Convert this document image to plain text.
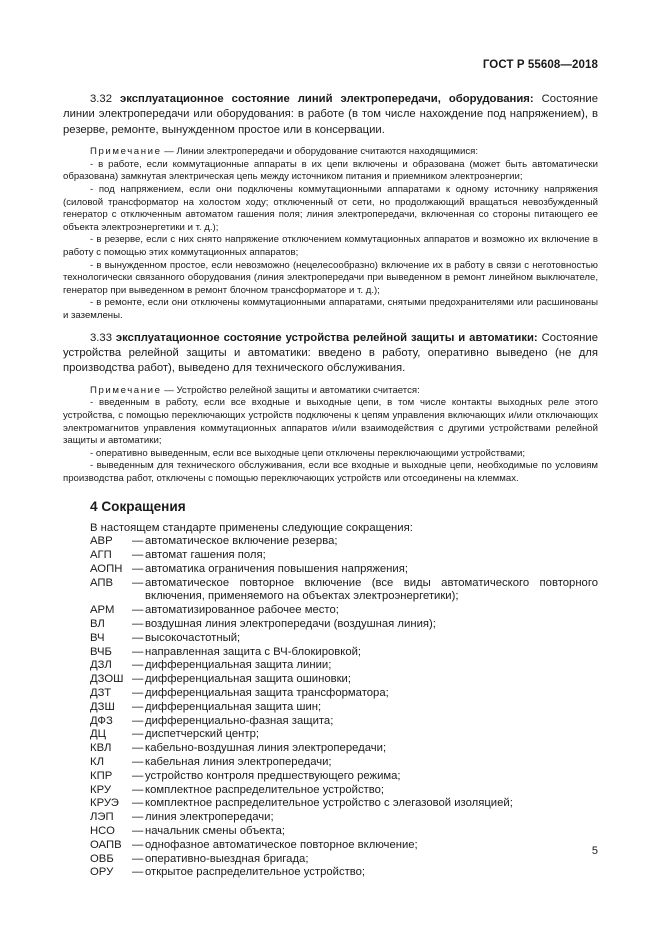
ГОСТ Р 55608—2018

3.32 эксплуатационное состояние линий электропередачи, оборудования: Состояние линии электропередачи или оборудования: в работе (в том числе нахождение под напряжением), в резерве, ремонте, вынужденном простое или в консервации.

Примечание — Линии электропередачи и оборудование считаются находящимися:

- в работе, если коммутационные аппараты в их цепи включены и образована (может быть автоматически образована) замкнутая электрическая цепь между источником питания и приемником электроэнергии;

- под напряжением, если они подключены коммутационными аппаратами к одному источнику напряжения (силовой трансформатор на холостом ходу; отключенный от сети, но продолжающий вращаться невозбужденный генератор с отключенным автоматом гашения поля; линия электропередачи, включенная со стороны питающего ее объекта электроэнергетики и т. д.);

- в резерве, если с них снято напряжение отключением коммутационных аппаратов и возможно их включение в работу с помощью этих коммутационных аппаратов;

- в вынужденном простое, если невозможно (нецелесообразно) включение их в работу в связи с неготовностью технологически связанного оборудования (линия электропередачи при выведенном в ремонт линейном выключателе, генератор при выведенном в ремонт блочном трансформаторе и т. д.);

- в ремонте, если они отключены коммутационными аппаратами, снятыми предохранителями или расшинованы и заземлены.

3.33 эксплуатационное состояние устройства релейной защиты и автоматики: Состояние устройства релейной защиты и автоматики: введено в работу, оперативно выведено (не для производства работ), выведено для технического обслуживания.

Примечание — Устройство релейной защиты и автоматики считается:

- введенным в работу, если все входные и выходные цепи, в том числе контакты выходных реле этого устройства, с помощью переключающих устройств подключены к цепям управления включающих и/или отключающих электромагнитов управления коммутационных аппаратов и/или взаимодействия с другими устройствами релейной защиты и автоматики;

- оперативно выведенным, если все выходные цепи отключены переключающими устройствами;

- выведенным для технического обслуживания, если все входные и выходные цепи, необходимые по условиям производства работ, отключены с помощью переключающих устройств или отсоединены на клеммах.

4 Сокращения

В настоящем стандарте применены следующие сокращения:

АВР	— автоматическое включение резерва;
АГП	— автомат гашения поля;
АОПН — автоматика ограничения повышения напряжения;
АПВ	— автоматическое повторное включение (все виды автоматического повторного включения, применяемого на объектах электроэнергетики);
АРМ	— автоматизированное рабочее место;
ВЛ	— воздушная линия электропередачи (воздушная линия);
ВЧ	— высокочастотный;
ВЧБ	— направленная защита с ВЧ-блокировкой;
ДЗЛ	— дифференциальная защита линии;
ДЗОШ — дифференциальная защита ошиновки;
ДЗТ	— дифференциальная защита трансформатора;
ДЗШ	— дифференциальная защита шин;
ДФЗ	— дифференциально-фазная защита;
ДЦ	— диспетчерский центр;
КВЛ	— кабельно-воздушная линия электропередачи;
КЛ	— кабельная линия электропередачи;
КПР	— устройство контроля предшествующего режима;
КРУ	— комплектное распределительное устройство;
КРУЭ	— комплектное распределительное устройство с элегазовой изоляцией;
ЛЭП	— линия электропередачи;
НСО	— начальник смены объекта;
ОАПВ — однофазное автоматическое повторное включение;
ОВБ	— оперативно-выездная бригада;
ОРУ	— открытое распределительное устройство;
5
